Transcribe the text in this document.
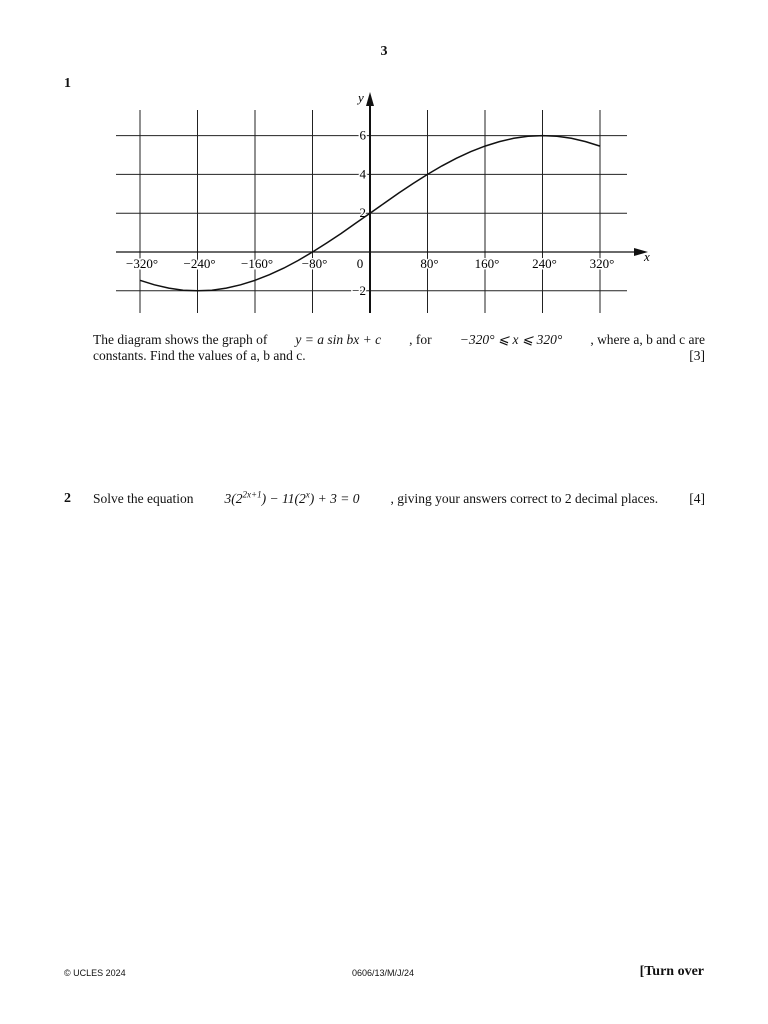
3
1
x
y
−320° −240° −160° −80° 0	80°	160°	240°	320°
−2
2
4
6
The diagram shows the graph of y = a sin bx + c , for −320° ⩽ x ⩽ 320° , where a, b and c are
constants. Find the values of a, b and c.	[3]
2 Solve the equation $3(2^{2x+1}) - 11(2^x) + 3 = 0$ , giving your answers correct to 2 decimal places. [4]
© UCLES 2024	0606/13/M/J/24	[Turn over
